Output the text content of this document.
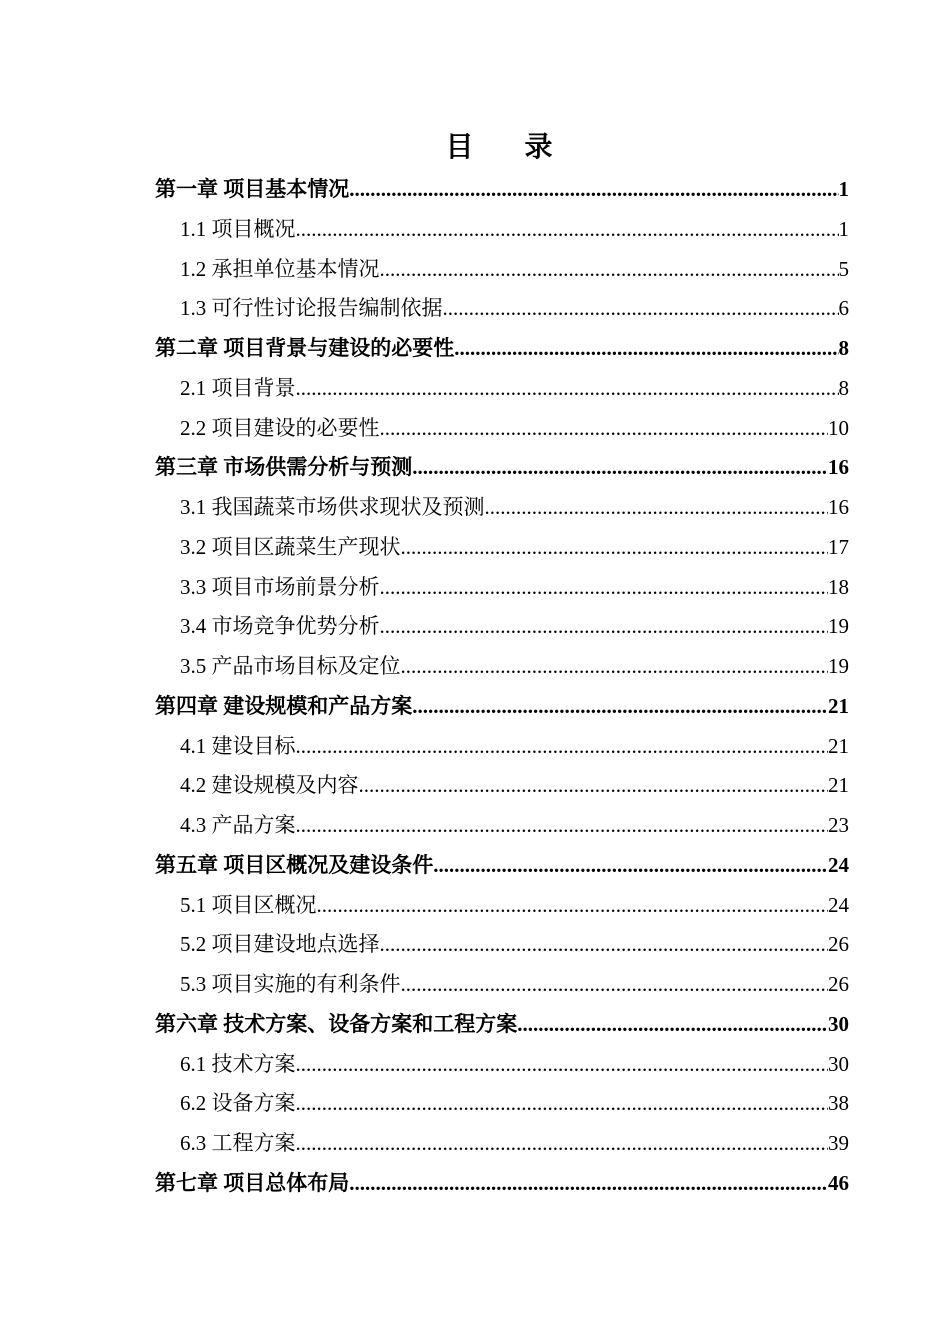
目 录
第一章 项目基本情况 .....	1
1.1 项目概况 .....	1
1.2 承担单位基本情况 .....	5
1.3 可行性讨论报告编制依据 .....	6
第二章 项目背景与建设的必要性 .....	8
2.1 项目背景 .....	8
2.2 项目建设的必要性 .....	10
第三章 市场供需分析与预测 .....	16
3.1 我国蔬菜市场供求现状及预测 .....	16
3.2 项目区蔬菜生产现状 .....	17
3.3 项目市场前景分析 .....	18
3.4 市场竞争优势分析 .....	19
3.5 产品市场目标及定位 .....	19
第四章 建设规模和产品方案 .....	21
4.1 建设目标 .....	21
4.2 建设规模及内容 .....	21
4.3 产品方案 .....	23
第五章 项目区概况及建设条件 .....	24
5.1 项目区概况 .....	24
5.2 项目建设地点选择 .....	26
5.3 项目实施的有利条件 .....	26
第六章 技术方案、设备方案和工程方案 .....	30
6.1 技术方案 .....	30
6.2 设备方案 .....	38
6.3 工程方案 .....	39
第七章 项目总体布局 .....	46
